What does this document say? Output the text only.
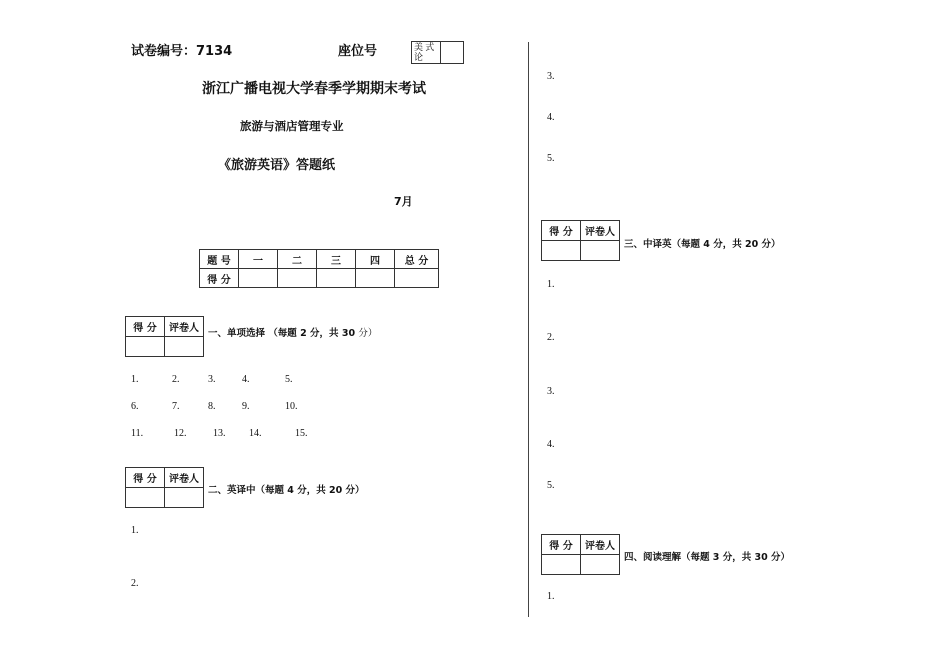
试卷编号：7134	座位号	美 式
论
浙江广播电视大学春季学期期末考试
旅游与酒店管理专业
《旅游英语》答题纸
7月
题 号	一	二	三	四	总 分
得 分					
得 分	评卷人
	一、单项选择 （每题 2 分，共 30 分）
1.	2.	3.	4.	5.
6.	7.	8.	9.	10.
11.	12.	13. 14.	15.
得 分	评卷人

二、英译中（每题 4 分，共 20 分）
1.
2.
3.
4.
5.
得 分	评卷人

三、中译英（每题 4 分，共 20 分）
1.
2.
3.
4.
5.
得 分	评卷人

四、阅读理解（每题 3 分，共 30 分）
1.
